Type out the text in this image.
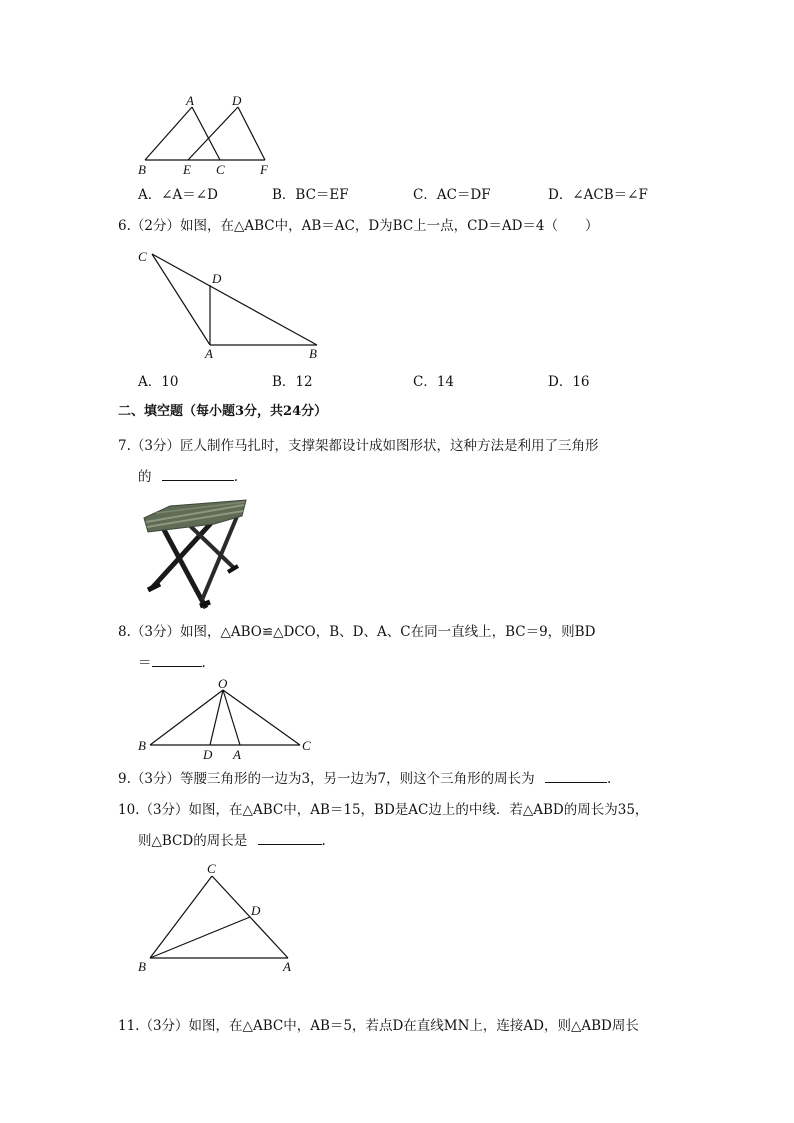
A	D
B	E C	F
A．∠A＝∠D	B．BC＝EF	C．AC＝DF	D．∠ACB＝∠F
6.（2分）如图，在△ABC中，AB＝AC，D为BC上一点，CD＝AD＝4（　　）
C
D
A	B
A．10	B．12	C．14	D．16
二、填空题（每小题3分，共24分）
7.（3分）匠人制作马扎时，支撑架都设计成如图形状，这种方法是利用了三角形
的	.
8.（3分）如图，△ABO≌△DCO，B、D、A、C在同一直线上，BC＝9，则BD
＝	.
O
B
D A
C
9.（3分）等腰三角形的一边为3，另一边为7，则这个三角形的周长为	.
10.（3分）如图，在△ABC中，AB＝15，BD是AC边上的中线．若△ABD的周长为35，
则△BCD的周长是	.
C
D
B	A
11.（3分）如图，在△ABC中，AB＝5，若点D在直线MN上，连接AD，则△ABD周长
